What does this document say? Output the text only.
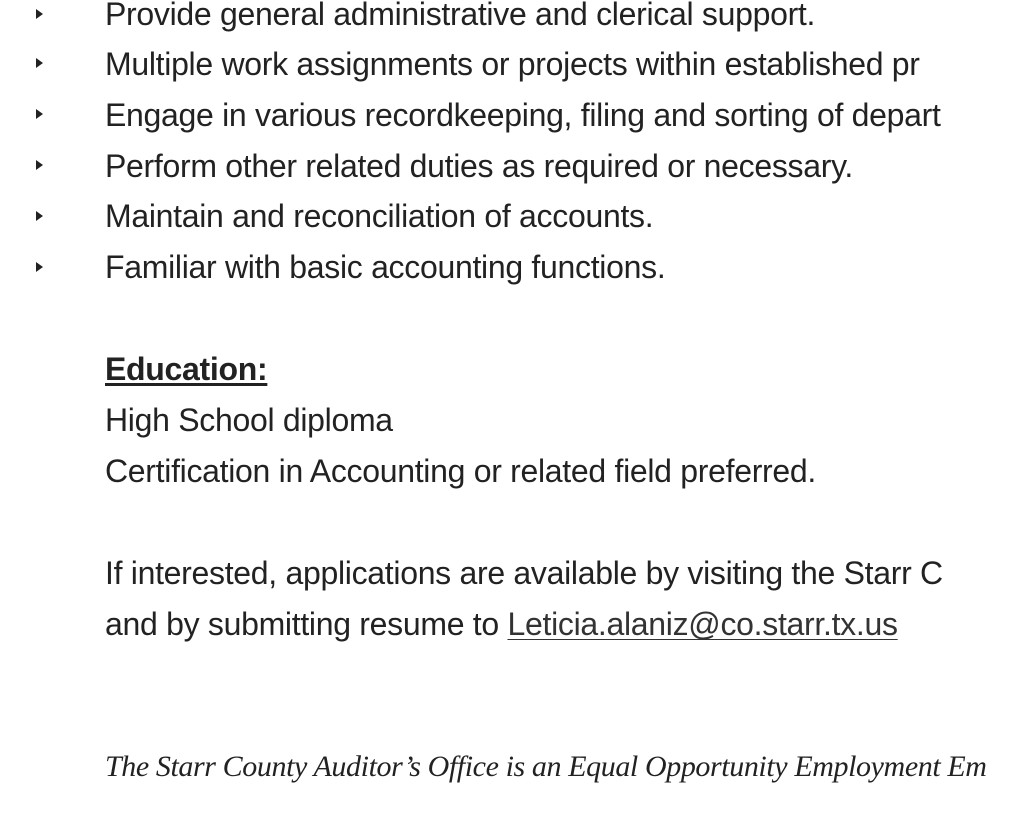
Provide general administrative and clerical support.
Multiple work assignments or projects within established pr
Engage in various recordkeeping, filing and sorting of depart
Perform other related duties as required or necessary.
Maintain and reconciliation of accounts.
Familiar with basic accounting functions.
Education:
High School diploma
Certification in Accounting or related field preferred.
If interested, applications are available by visiting the Starr C
and by submitting resume to Leticia.alaniz@co.starr.tx.us
The Starr County Auditor’s Office is an Equal Opportunity Employment Em
